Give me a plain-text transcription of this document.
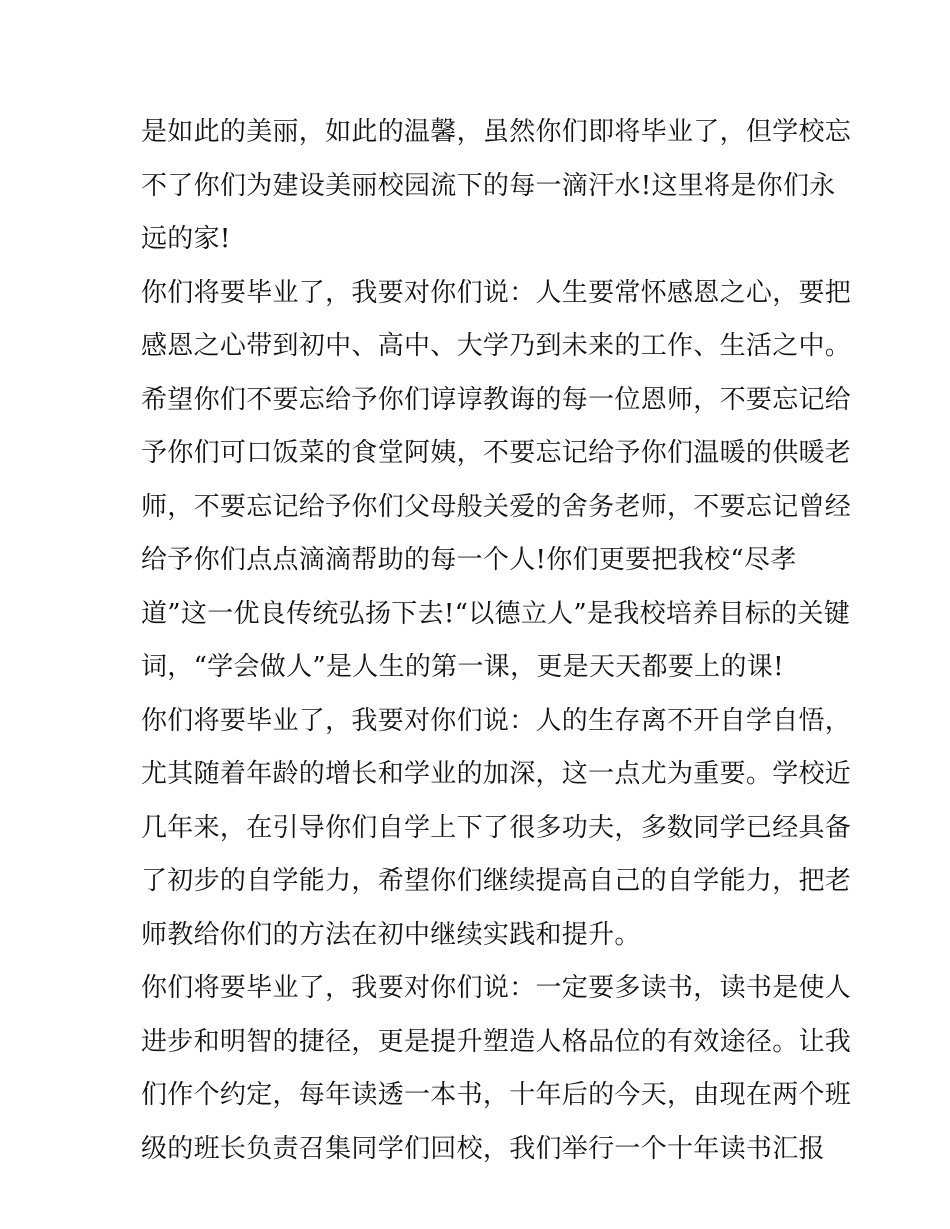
是如此的美丽，如此的温馨，虽然你们即将毕业了，但学校忘
不了你们为建设美丽校园流下的每一滴汗水!这里将是你们永
远的家!
你们将要毕业了，我要对你们说：人生要常怀感恩之心，要把
感恩之心带到初中、高中、大学乃到未来的工作、生活之中。
希望你们不要忘给予你们谆谆教诲的每一位恩师，不要忘记给
予你们可口饭菜的食堂阿姨，不要忘记给予你们温暖的供暖老
师，不要忘记给予你们父母般关爱的舍务老师，不要忘记曾经
给予你们点点滴滴帮助的每一个人!你们更要把我校“尽孝
道”这一优良传统弘扬下去!“以德立人”是我校培养目标的关键
词，“学会做人”是人生的第一课，更是天天都要上的课!
你们将要毕业了，我要对你们说：人的生存离不开自学自悟，
尤其随着年龄的增长和学业的加深，这一点尤为重要。学校近
几年来，在引导你们自学上下了很多功夫，多数同学已经具备
了初步的自学能力，希望你们继续提高自己的自学能力，把老
师教给你们的方法在初中继续实践和提升。
你们将要毕业了，我要对你们说：一定要多读书，读书是使人
进步和明智的捷径，更是提升塑造人格品位的有效途径。让我
们作个约定，每年读透一本书，十年后的今天，由现在两个班
级的班长负责召集同学们回校，我们举行一个十年读书汇报
